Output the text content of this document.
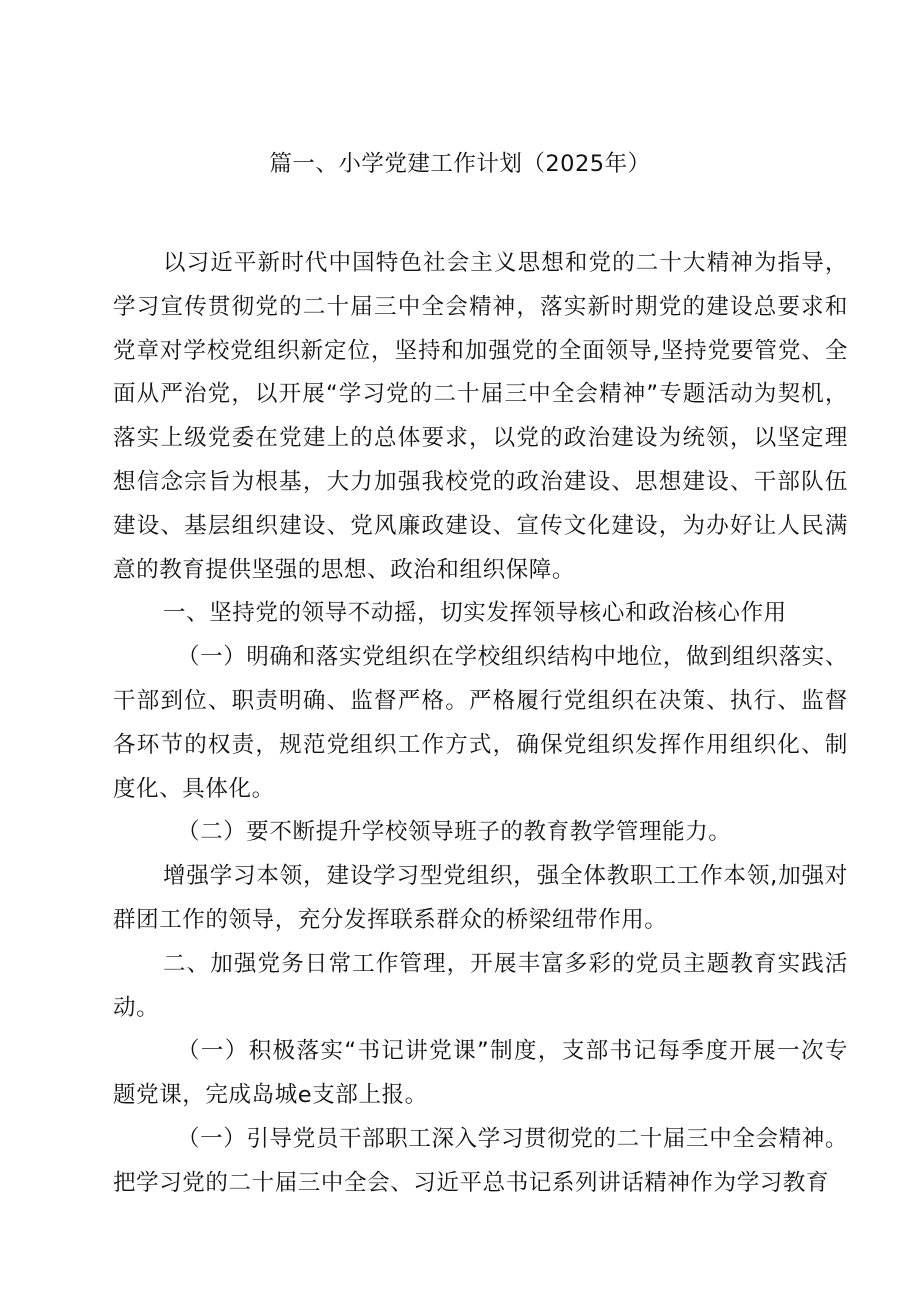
篇一、小学党建工作计划（2025年）

以习近平新时代中国特色社会主义思想和党的二十大精神为指导，学习宣传贯彻党的二十届三中全会精神，落实新时期党的建设总要求和党章对学校党组织新定位，坚持和加强党的全面领导,坚持党要管党、全面从严治党，以开展“学习党的二十届三中全会精神”专题活动为契机，落实上级党委在党建上的总体要求，以党的政治建设为统领，以坚定理想信念宗旨为根基，大力加强我校党的政治建设、思想建设、干部队伍建设、基层组织建设、党风廉政建设、宣传文化建设，为办好让人民满意的教育提供坚强的思想、政治和组织保障。

一、坚持党的领导不动摇，切实发挥领导核心和政治核心作用

（一）明确和落实党组织在学校组织结构中地位，做到组织落实、干部到位、职责明确、监督严格。严格履行党组织在决策、执行、监督各环节的权责，规范党组织工作方式，确保党组织发挥作用组织化、制度化、具体化。

（二）要不断提升学校领导班子的教育教学管理能力。

增强学习本领，建设学习型党组织，强全体教职工工作本领,加强对群团工作的领导，充分发挥联系群众的桥梁纽带作用。

二、加强党务日常工作管理，开展丰富多彩的党员主题教育实践活动。

（一）积极落实“书记讲党课”制度，支部书记每季度开展一次专题党课，完成岛城e支部上报。

（一）引导党员干部职工深入学习贯彻党的二十届三中全会精神。把学习党的二十届三中全会、习近平总书记系列讲话精神作为学习教育
